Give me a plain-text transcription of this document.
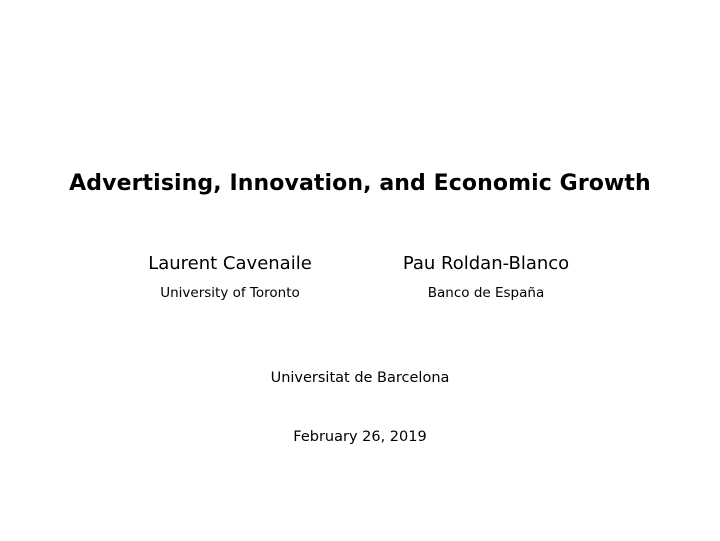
Advertising, Innovation, and Economic Growth
Laurent Cavenaile
University of Toronto
Pau Roldan-Blanco
Banco de España
Universitat de Barcelona
February 26, 2019
